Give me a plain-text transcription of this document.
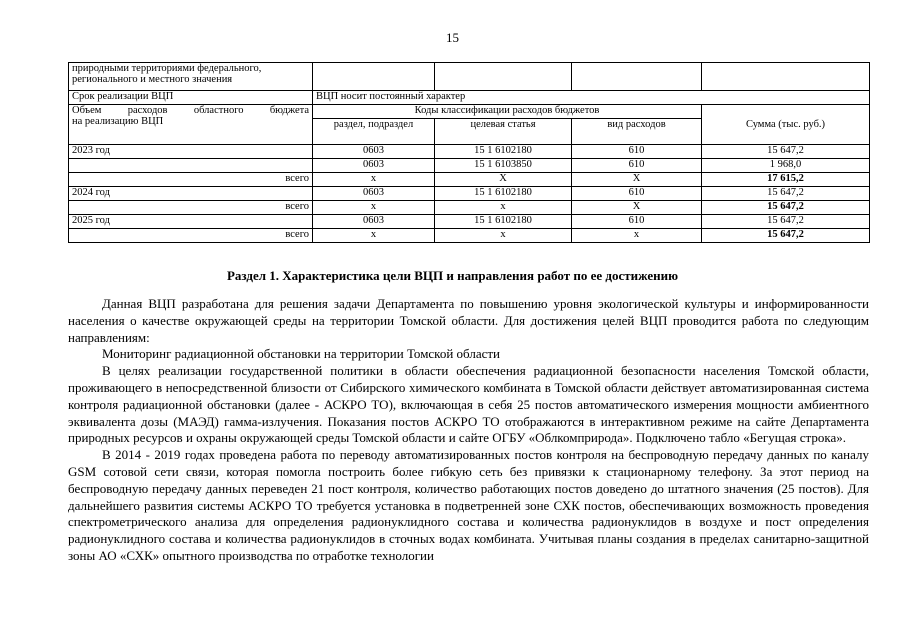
15
природными территориями федерального, регионального и местного значения				
Срок реализации ВЦП	ВЦП носит постоянный характер			

Объем расходов областного бюджета
на реализацию ВЦП	Коды классификации расходов бюджетов			Сумма (тыс. руб.)
	раздел, подраздел	целевая статья	вид расходов	
2023 год	0603	15 1 6102180	610	15 647,2
	0603	15 1 6103850	610	1 968,0
всего	х	Х	Х	17 615,2
2024 год	0603	15 1 6102180	610	15 647,2
всего	х	х	Х	15 647,2
2025 год	0603	15 1 6102180	610	15 647,2
всего	х	х	х	15 647,2
Раздел 1. Характеристика цели ВЦП и направления работ по ее достижению

Данная ВЦП разработана для решения задачи Департамента по повышению уровня экологической культуры и информированности населения о качестве окружающей среды на территории Томской области. Для достижения целей ВЦП проводится работа по следующим направлениям:

Мониторинг радиационной обстановки на территории Томской области

В целях реализации государственной политики в области обеспечения радиационной безопасности населения Томской области, проживающего в непосредственной близости от Сибирского химического комбината в Томской области действует автоматизированная система контроля радиационной обстановки (далее - АСКРО ТО), включающая в себя 25 постов автоматического измерения мощности амбиентного эквивалента дозы (МАЭД) гамма-излучения. Показания постов АСКРО ТО отображаются в интерактивном режиме на сайте Департамента природных ресурсов и охраны окружающей среды Томской области и сайте ОГБУ «Облкомприрода». Подключено табло «Бегущая строка».

В 2014 - 2019 годах проведена работа по переводу автоматизированных постов контроля на беспроводную передачу данных по каналу GSM сотовой сети связи, которая помогла построить более гибкую сеть без привязки к стационарному телефону. За этот период на беспроводную передачу данных переведен 21 пост контроля, количество работающих постов доведено до штатного значения (25 постов). Для дальнейшего развития системы АСКРО ТО требуется установка в подветренней зоне СХК постов, обеспечивающих возможность проведения спектрометрического анализа для определения радионуклидного состава и количества радионуклидов в воздухе и пост определения радионуклидного состава и количества радионуклидов в сточных водах комбината. Учитывая планы создания в пределах санитарно-защитной зоны АО «СХК» опытного производства по отработке технологии
